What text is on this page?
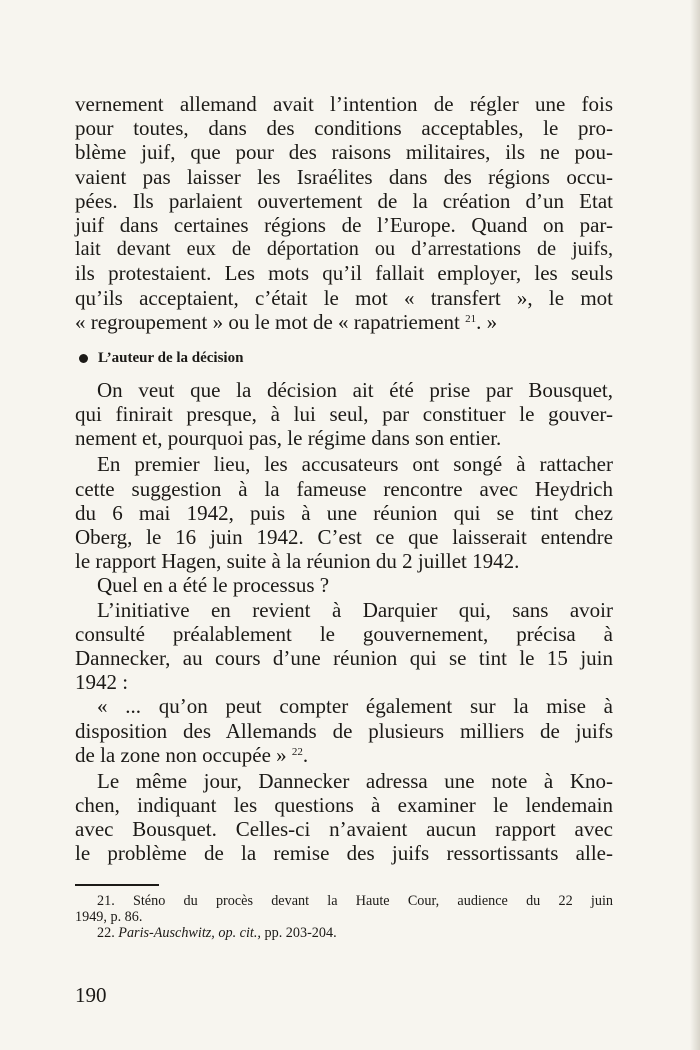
vernement allemand avait l’intention de régler une fois
pour toutes, dans des conditions acceptables, le pro-
blème juif, que pour des raisons militaires, ils ne pou-
vaient pas laisser les Israélites dans des régions occu-
pées. Ils parlaient ouvertement de la création d’un Etat
juif dans certaines régions de l’Europe. Quand on par-
lait devant eux de déportation ou d’arrestations de juifs,
ils protestaient. Les mots qu’il fallait employer, les seuls
qu’ils acceptaient, c’était le mot « transfert », le mot
« regroupement » ou le mot de « rapatriement $^{21}$. »
L’auteur de la décision
On veut que la décision ait été prise par Bousquet,
qui finirait presque, à lui seul, par constituer le gouver-
nement et, pourquoi pas, le régime dans son entier.
En premier lieu, les accusateurs ont songé à rattacher
cette suggestion à la fameuse rencontre avec Heydrich
du 6 mai 1942, puis à une réunion qui se tint chez
Oberg, le 16 juin 1942. C’est ce que laisserait entendre
le rapport Hagen, suite à la réunion du 2 juillet 1942.
Quel en a été le processus ?
L’initiative en revient à Darquier qui, sans avoir
consulté préalablement le gouvernement, précisa à
Dannecker, au cours d’une réunion qui se tint le 15 juin
1942 :
« ... qu’on peut compter également sur la mise à
disposition des Allemands de plusieurs milliers de juifs
de la zone non occupée » $^{22}$.
Le même jour, Dannecker adressa une note à Kno-
chen, indiquant les questions à examiner le lendemain
avec Bousquet. Celles-ci n’avaient aucun rapport avec
le problème de la remise des juifs ressortissants alle-
21. Sténo du procès devant la Haute Cour, audience du 22 juin
1949, p. 86.
22. Paris-Auschwitz, op. cit., pp. 203-204.
190
